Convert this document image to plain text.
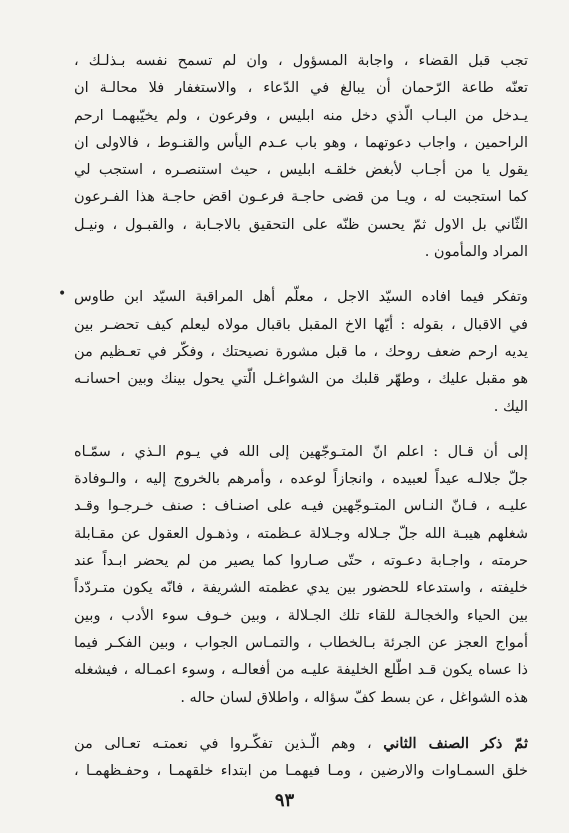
•

تجب قبل القضاء ، واجابة المسؤول ، وان لم تسمح نفسه بـذلـك ،
تعنّه طاعة الرّحمان أن يبالغ في الدّعاء ، والاستغفار فلا محالـة ان
يـدخل من البـاب الّذي دخل منه ابليس ، وفرعون ، ولم يخيّبهمـا ارحم
الراحمين ، واجاب دعوتهما ، وهو باب عـدم اليأس والقنـوط ، فالاولى ان
يقول يا من أجـاب لأبغض خلقـه ابليس ، حيث استنصـره ، استجب لي
كما استجبت له ، ويـا من قضى حاجـة فرعـون اقض حاجـة هذا الفـرعون
الثّاني بل الاول ثمّ يحسن ظنّه على التحقيق بالاجـابة ، والقبـول ، ونيـل
المراد والمأمون .

وتفكر فيما افاده السيّد الاجل ، معلّم أهل المراقبة السيّد ابن طاوس
في الاقبال ، بقوله : أيّها الاخ المقبل باقبال مولاه ليعلم كيف تحضـر بين
يديه ارحم ضعف روحك ، ما قبل مشورة نصيحتك ، وفكّر في تعـظيم من
هو مقبل عليك ، وطهّر قلبك من الشواغـل الّتي يحول بينك وبين احسانـه
اليك .

إلى أن قـال : اعلم انّ المتـوجّهين إلى الله في يـوم الـذي ، سمّـاه
جلّ جلالـه عيداً لعبيده ، وانجازاً لوعده ، وأمرهم بالخروج إليه ، والـوفادة
عليـه ، فـانّ النـاس المتـوجّهين فيـه على اصنـاف : صنف خـرجـوا وقـد
شغلهم هيبـة الله جلّ جـلاله وجـلالة عـظمته ، وذهـول العقول عن مقـابلة
حرمته ، واجـابة دعـوته ، حتّى صـاروا كما يصير من لم يحضر ابـداً عند
خليفته ، واستدعاء للحضور بين يدي عظمته الشريفة ، فانّه يكون متـردّداً
بين الحياء والخجالـة للقاء تلك الجـلالة ، وبين خـوف سوء الأدب ، وبين
أمواج العجز عن الجرئة بـالخطاب ، والتمـاس الجواب ، وبين الفكـر فيما
ذا عساه يكون قـد اطّلع الخليفة عليـه من أفعالـه ، وسوء اعمـاله ، فيشغله
هذه الشواغل ، عن بسط كفّ سؤاله ، واطلاق لسان حاله .

ثمّ ذكر الصنف الثاني ، وهم الّـذين تفكّـروا في نعمتـه تعـالى من
خلق السمـاوات والارضين ، ومـا فيهمـا من ابتداء خلقهمـا ، وحفـظهمـا ،

٩٣
